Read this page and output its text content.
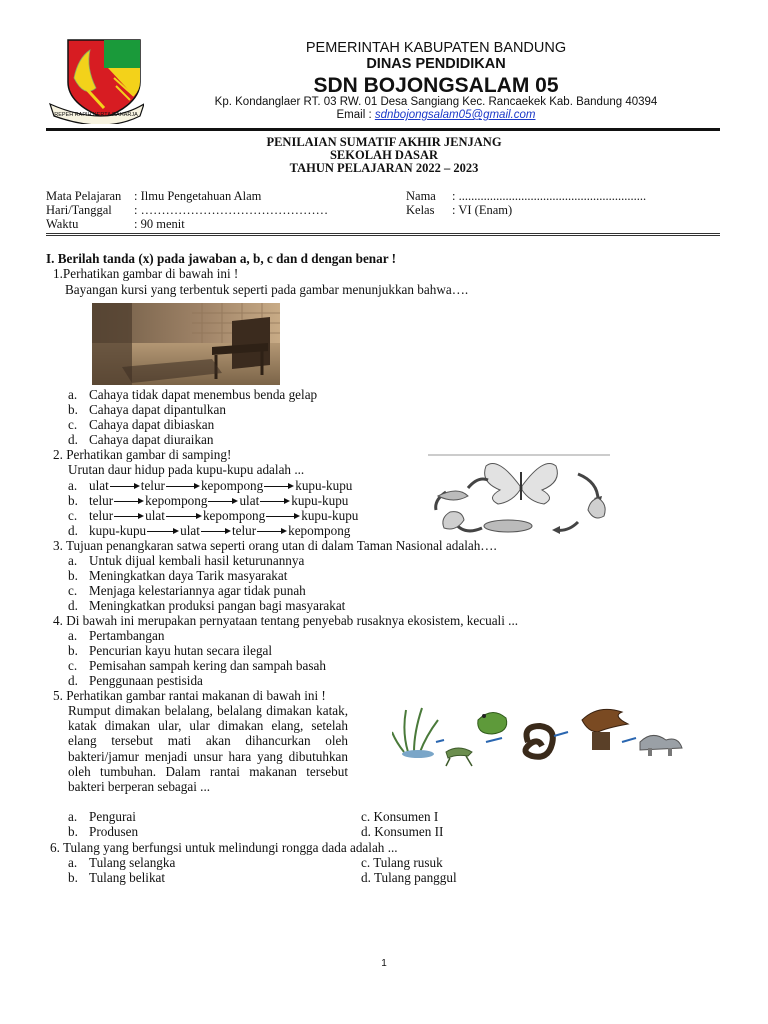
REPEH RAPIH KERTA RAHARJA
PEMERINTAH KABUPATEN BANDUNG
DINAS PENDIDIKAN
SDN BOJONGSALAM 05
Kp. Kondanglaer RT. 03 RW. 01 Desa Sangiang Kec. Rancaekek Kab. Bandung 40394
Email : sdnbojongsalam05@gmail.com
PENILAIAN SUMATIF AKHIR JENJANG
SEKOLAH DASAR
TAHUN PELAJARAN 2022 – 2023
Mata Pelajaran : Ilmu Pengetahuan Alam
Hari/Tanggal : ………………………………………
Waktu	: 90 menit
Nama : ............................................................
Kelas : VI (Enam)
I. Berilah tanda (x) pada jawaban a, b, c dan d dengan benar !
1.Perhatikan gambar di bawah ini !
Bayangan kursi yang terbentuk seperti pada gambar menunjukkan bahwa….
a. Cahaya tidak dapat menembus benda gelap
b. Cahaya dapat dipantulkan
c. Cahaya dapat dibiaskan
d. Cahaya dapat diuraikan
2. Perhatikan gambar di samping!
Urutan daur hidup pada kupu-kupu adalah ...
a. ulat telur	kepompong kupu-kupu
b. telur kepompong ulat kupu-kupu
c. telur ulat	kepompong	kupu-kupu
d. kupu-kupu	ulat telur kepompong
3. Tujuan penangkaran satwa seperti orang utan di dalam Taman Nasional adalah….
a. Untuk dijual kembali hasil keturunannya
b. Meningkatkan daya Tarik masyarakat
c. Menjaga kelestariannya agar tidak punah
d. Meningkatkan produksi pangan bagi masyarakat
4. Di bawah ini merupakan pernyataan tentang penyebab rusaknya ekosistem, kecuali ...
a. Pertambangan
b. Pencurian kayu hutan secara ilegal
c. Pemisahan sampah kering dan sampah basah
d. Penggunaan pestisida
5. Perhatikan gambar rantai makanan di bawah ini !
Rumput dimakan belalang, belalang dimakan katak, katak dimakan ular, ular dimakan elang, setelah elang tersebut mati akan dihancurkan oleh bakteri/jamur menjadi unsur hara yang dibutuhkan oleh tumbuhan. Dalam rantai makanan tersebut bakteri berperan sebagai ...
a. Pengurai	c. Konsumen I
b. Produsen	d. Konsumen II
6. Tulang yang berfungsi untuk melindungi rongga dada adalah ...
a. Tulang selangka	c. Tulang rusuk
b. Tulang belikat	d. Tulang panggul
1
